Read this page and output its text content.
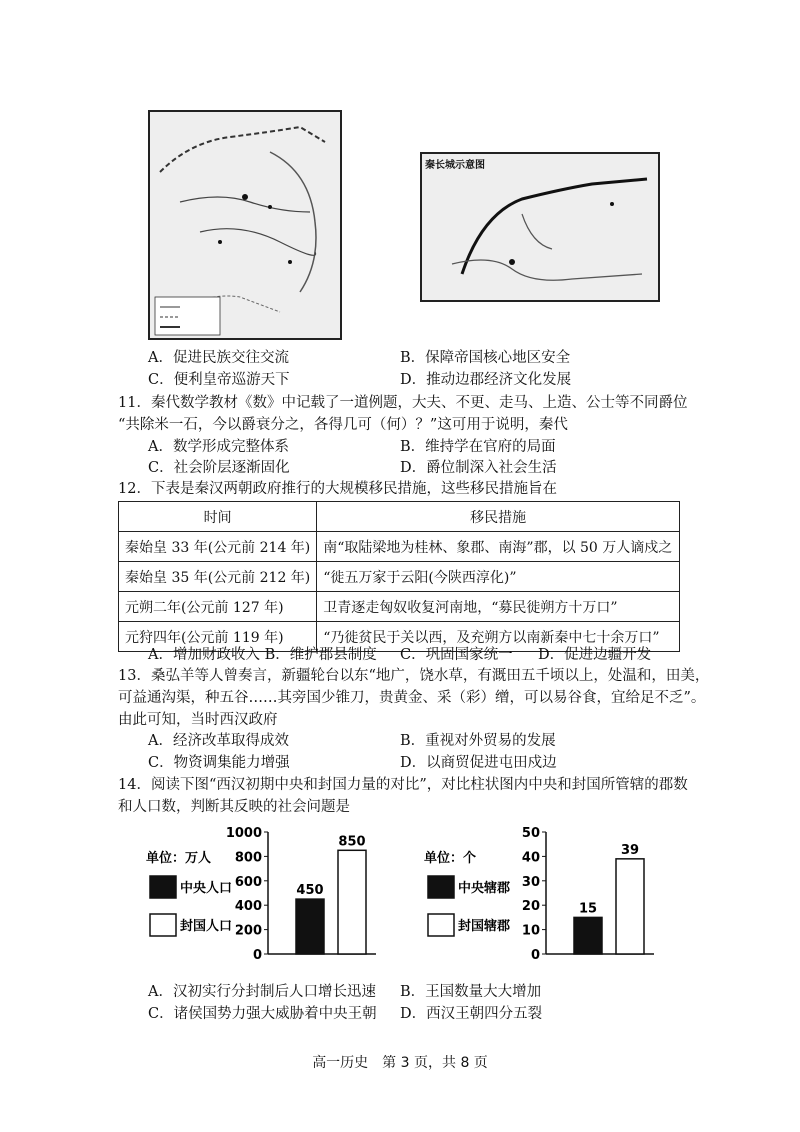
秦长城示意图
A．促进民族交往交流	B．保障帝国核心地区安全
C．便利皇帝巡游天下	D．推动边郡经济文化发展
11．秦代数学教材《数》中记载了一道例题，大夫、不更、走马、上造、公士等不同爵位
“共除米一石，今以爵衰分之，各得几可（何）？”这可用于说明，秦代
A．数学形成完整体系	B．维持学在官府的局面
C．社会阶层逐渐固化	D．爵位制深入社会生活
12．下表是秦汉两朝政府推行的大规模移民措施，这些移民措施旨在
时间	移民措施
秦始皇 33 年(公元前 214 年)	南“取陆梁地为桂林、象郡、南海”郡，以 50 万人谪戍之
秦始皇 35 年(公元前 212 年)	“徙五万家于云阳(今陕西淳化)”
元朔二年(公元前 127 年)	卫青逐走匈奴收复河南地，“募民徙朔方十万口”
元狩四年(公元前 119 年)	“乃徙贫民于关以西，及充朔方以南新秦中七十余万口”
A．增加财政收入 B．维护郡县制度 C．巩固国家统一 D．促进边疆开发
13．桑弘羊等人曾奏言，新疆轮台以东“地广，饶水草，有溉田五千顷以上，处温和，田美，
可益通沟渠，种五谷……其旁国少锥刀，贵黄金、采（彩）缯，可以易谷食，宜给足不乏”。
由此可知，当时西汉政府
A．经济改革取得成效	B．重视对外贸易的发展
C．物资调集能力增强	D．以商贸促进屯田戍边
14．阅读下图“西汉初期中央和封国力量的对比”，对比柱状图内中央和封国所管辖的郡数
和人口数，判断其反映的社会问题是
1000
800
600
400
200
0
单位：万人
中央人口
封国人口
450
850
50
40
30
20
10
0
单位：个
中央辖郡
封国辖郡
15
39
A．汉初实行分封制后人口增长迅速 B．王国数量大大增加
C．诸侯国势力强大威胁着中央王朝 D．西汉王朝四分五裂
高一历史　第 3 页，共 8 页
